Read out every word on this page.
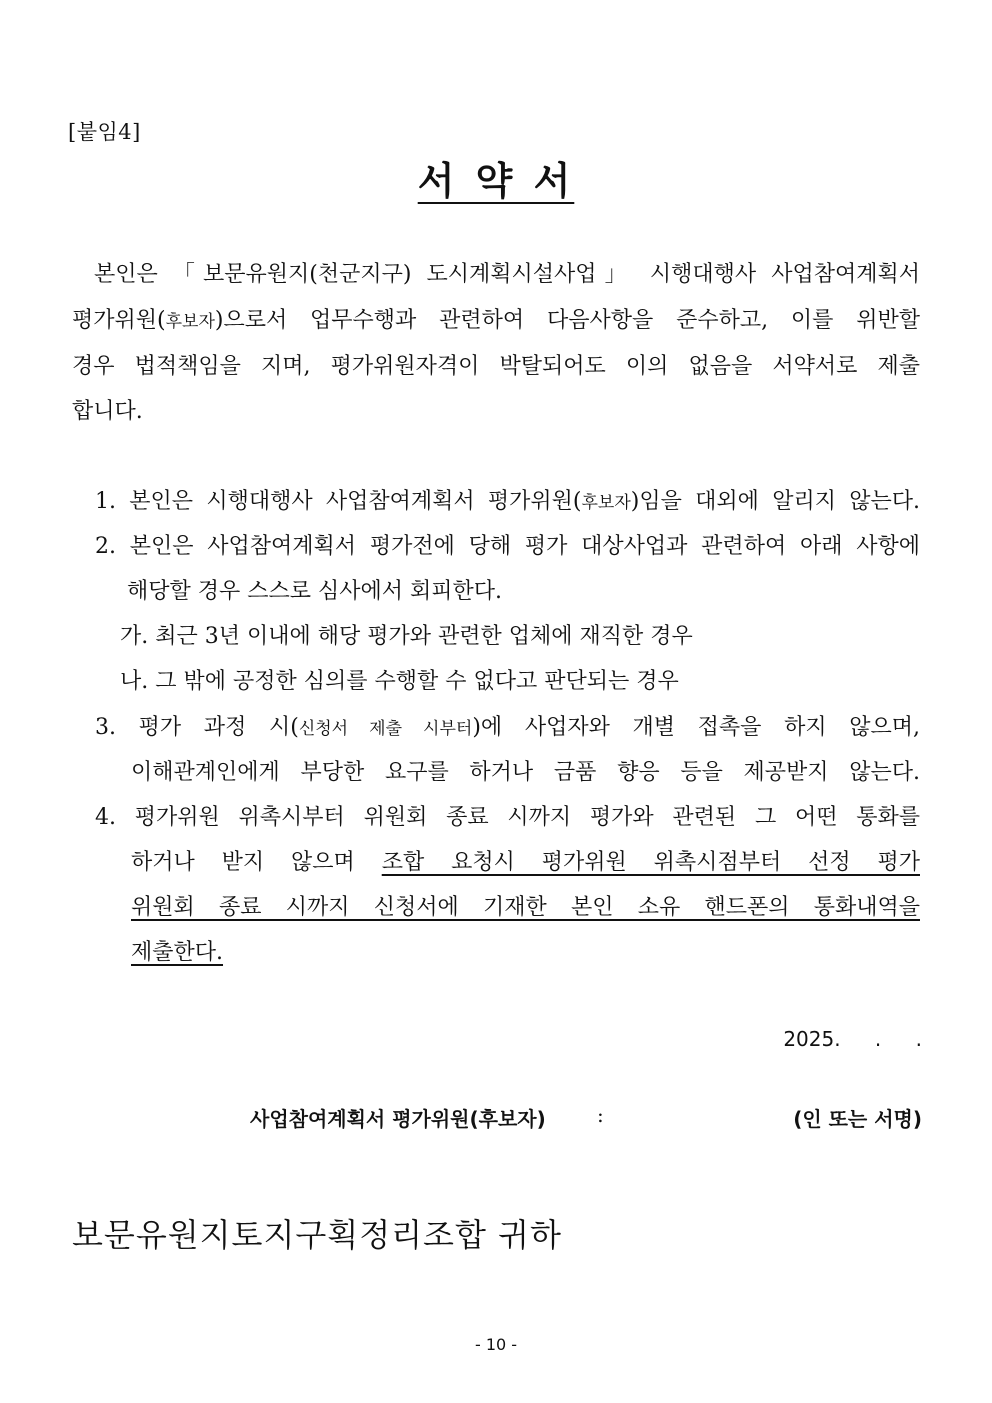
[붙임4]
서 약 서
본인은 「보문유원지(천군지구) 도시계획시설사업」 시행대행사 사업참여계획서
평가위원(후보자)으로서 업무수행과 관련하여 다음사항을 준수하고, 이를 위반할
경우 법적책임을 지며, 평가위원자격이 박탈되어도 이의 없음을 서약서로 제출
합니다.
1. 본인은 시행대행사 사업참여계획서 평가위원(후보자)임을 대외에 알리지 않는다.
2. 본인은 사업참여계획서 평가전에 당해 평가 대상사업과 관련하여 아래 사항에
해당할 경우 스스로 심사에서 회피한다.
가. 최근 3년 이내에 해당 평가와 관련한 업체에 재직한 경우
나. 그 밖에 공정한 심의를 수행할 수 없다고 판단되는 경우
3. 평가 과정 시(신청서 제출 시부터)에 사업자와 개별 접촉을 하지 않으며,
이해관계인에게 부당한 요구를 하거나 금품 향응 등을 제공받지 않는다.
4. 평가위원 위촉시부터 위원회 종료 시까지 평가와 관련된 그 어떤 통화를
하거나 받지 않으며 조합 요청시 평가위원 위촉시점부터 선정 평가
위원회 종료 시까지 신청서에 기재한 본인 소유 핸드폰의 통화내역을
제출한다.
2025. . .
사업참여계획서 평가위원(후보자)	:	(인 또는 서명)
보문유원지토지구획정리조합 귀하
- 10 -
